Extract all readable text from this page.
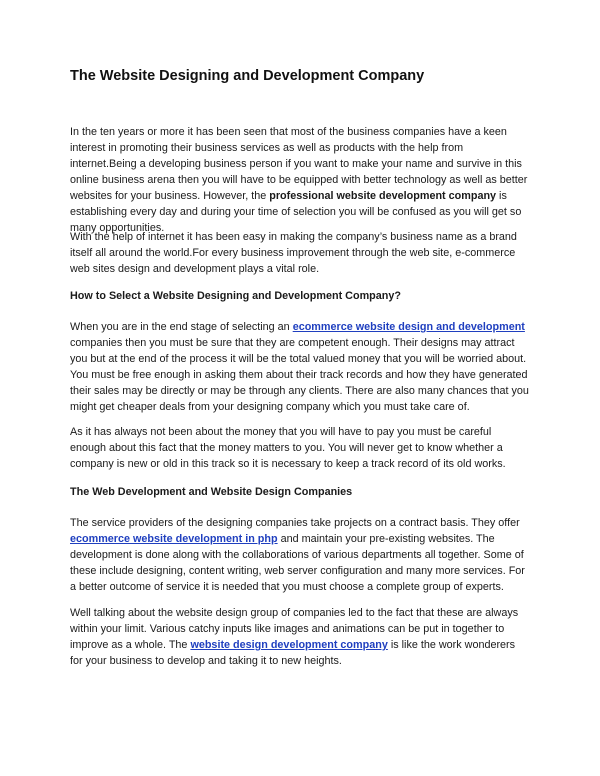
The Website Designing and Development Company

In the ten years or more it has been seen that most of the business companies have a keen interest in promoting their business services as well as products with the help from internet.Being a developing business person if you want to make your name and survive in this online business arena then you will have to be equipped with better technology as well as better websites for your business. However, the professional website development company is establishing every day and during your time of selection you will be confused as you will get so many opportunities.

With the help of internet it has been easy in making the company’s business name as a brand itself all around the world.For every business improvement through the web site, e-commerce web sites design and development plays a vital role.

How to Select a Website Designing and Development Company?

When you are in the end stage of selecting an ecommerce website design and development companies then you must be sure that they are competent enough. Their designs may attract you but at the end of the process it will be the total valued money that you will be worried about. You must be free enough in asking them about their track records and how they have generated their sales may be directly or may be through any clients. There are also many chances that you might get cheaper deals from your designing company which you must take care of.

As it has always not been about the money that you will have to pay you must be careful enough about this fact that the money matters to you. You will never get to know whether a company is new or old in this track so it is necessary to keep a track record of its old works.

The Web Development and Website Design Companies

The service providers of the designing companies take projects on a contract basis. They offer ecommerce website development in php and maintain your pre-existing websites. The development is done along with the collaborations of various departments all together. Some of these include designing, content writing, web server configuration and many more services. For a better outcome of service it is needed that you must choose a complete group of experts.

Well talking about the website design group of companies led to the fact that these are always within your limit. Various catchy inputs like images and animations can be put in together to improve as a whole. The website design development company is like the work wonderers for your business to develop and taking it to new heights.
